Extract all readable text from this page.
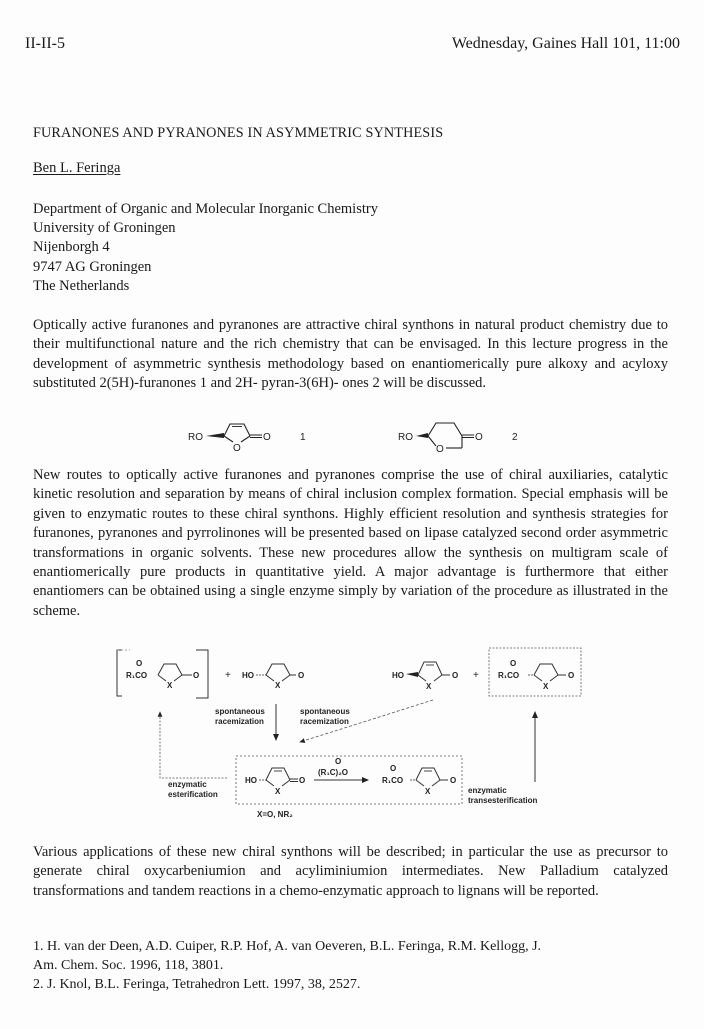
II-II-5	Wednesday, Gaines Hall 101, 11:00
FURANONES AND PYRANONES IN ASYMMETRIC SYNTHESIS
Ben L. Feringa
Department of Organic and Molecular Inorganic Chemistry
University of Groningen
Nijenborgh 4
9747 AG Groningen
The Netherlands
Optically active furanones and pyranones are attractive chiral synthons in natural product chemistry due to their multifunctional nature and the rich chemistry that can be envisaged. In this lecture progress in the development of asymmetric synthesis methodology based on enantiomerically pure alkoxy and acyloxy substituted 2(5H)-furanones 1 and 2H- pyran-3(6H)- ones 2 will be discussed.
RO
O
O	1	RO
O
O	2
New routes to optically active furanones and pyranones comprise the use of chiral auxiliaries, catalytic kinetic resolution and separation by means of chiral inclusion complex formation. Special emphasis will be given to enzymatic routes to these chiral synthons. Highly efficient resolution and synthesis strategies for furanones, pyranones and pyrrolinones will be presented based on lipase catalyzed second order asymmetric transformations in organic solvents. These new procedures allow the synthesis on multigram scale of enantiomerically pure products in quantitative yield. A major advantage is furthermore that either enantiomers can be obtained using a single enzyme simply by variation of the procedure as illustrated in the scheme.
O
R₁CO
X
O	+ HO
X
O	HO
X
O +
O
R₁CO
X
O
spontaneous
racemization
spontaneous
racemization
enzymatic
esterification
HO
X
O
O
(R₁C)₂O	O
R₁CO
X
O
enzymatic
transesterification
X=O, NR₂
Various applications of these new chiral synthons will be described; in particular the use as precursor to generate chiral oxycarbeniumion and acyliminiumion intermediates. New Palladium catalyzed transformations and tandem reactions in a chemo-enzymatic approach to lignans will be reported.
1. H. van der Deen, A.D. Cuiper, R.P. Hof, A. van Oeveren, B.L. Feringa, R.M. Kellogg, J.
Am. Chem. Soc. 1996, 118, 3801.
2. J. Knol, B.L. Feringa, Tetrahedron Lett. 1997, 38, 2527.
